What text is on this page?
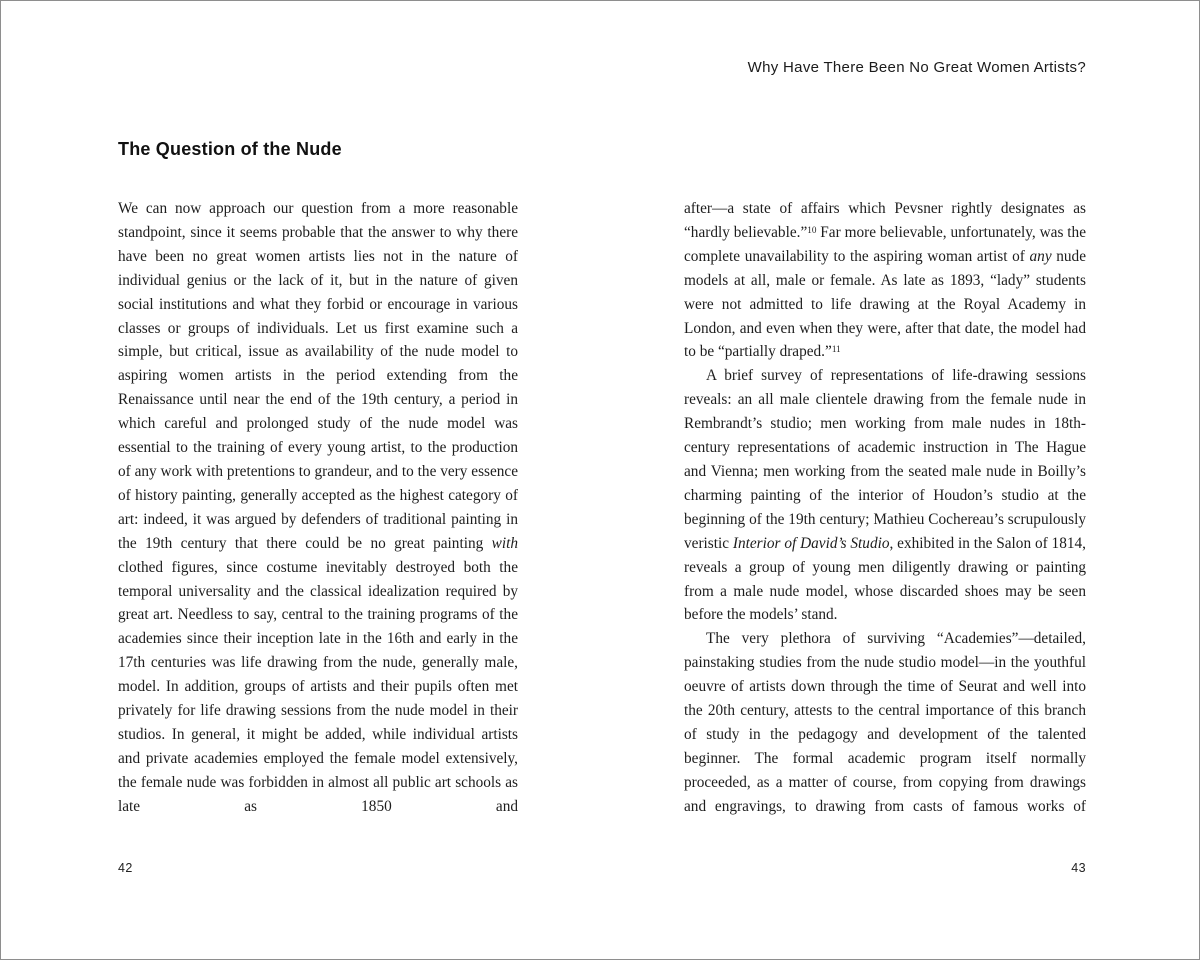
Why Have There Been No Great Women Artists?
The Question of the Nude

We can now approach our question from a more reasonable standpoint, since it seems probable that the answer to why there have been no great women artists lies not in the nature of individual genius or the lack of it, but in the nature of given social institutions and what they forbid or encourage in various classes or groups of individuals. Let us first examine such a simple, but critical, issue as availability of the nude model to aspiring women artists in the period extending from the Renaissance until near the end of the 19th century, a period in which careful and prolonged study of the nude model was essential to the training of every young artist, to the production of any work with pretentions to grandeur, and to the very essence of history painting, generally accepted as the highest category of art: indeed, it was argued by defenders of traditional painting in the 19th century that there could be no great painting with clothed figures, since costume inevitably destroyed both the temporal universality and the classical idealization required by great art. Needless to say, central to the training programs of the academies since their inception late in the 16th and early in the 17th centuries was life drawing from the nude, generally male, model. In addition, groups of artists and their pupils often met privately for life drawing sessions from the nude model in their studios. In general, it might be added, while individual artists and private academies employed the female model extensively, the female nude was forbidden in almost all public art schools as late as 1850 and

after—a state of affairs which Pevsner rightly designates as “hardly believable.”$^{10}$ Far more believable, unfortunately, was the complete unavailability to the aspiring woman artist of any nude models at all, male or female. As late as 1893, “lady” students were not admitted to life drawing at the Royal Academy in London, and even when they were, after that date, the model had to be “partially draped.”$^{11}$

A brief survey of representations of life-drawing sessions reveals: an all male clientele drawing from the female nude in Rembrandt’s studio; men working from male nudes in 18th-century representations of academic instruction in The Hague and Vienna; men working from the seated male nude in Boilly’s charming painting of the interior of Houdon’s studio at the beginning of the 19th century; Mathieu Cochereau’s scrupulously veristic Interior of David’s Studio, exhibited in the Salon of 1814, reveals a group of young men diligently drawing or painting from a male nude model, whose discarded shoes may be seen before the models’ stand.

The very plethora of surviving “Academies”—detailed, painstaking studies from the nude studio model—in the youthful oeuvre of artists down through the time of Seurat and well into the 20th century, attests to the central importance of this branch of study in the pedagogy and development of the talented beginner. The formal academic program itself normally proceeded, as a matter of course, from copying from drawings and engravings, to drawing from casts of famous works of

42	43
